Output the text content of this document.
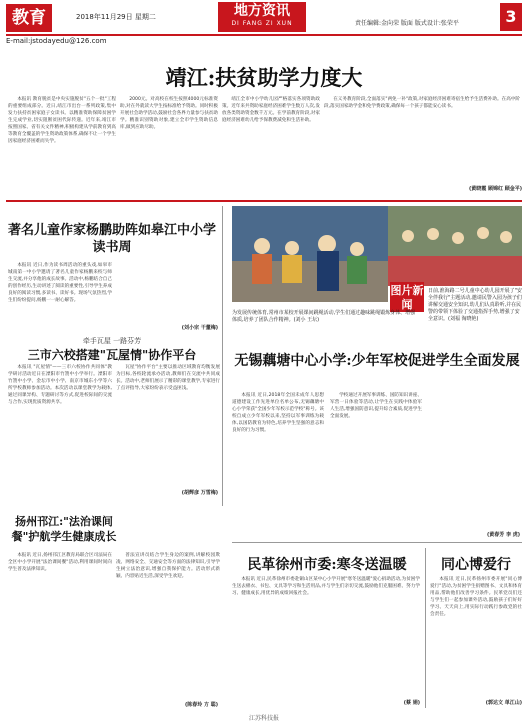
教育	2018年11月29日 星期二
E-mail:jstodayedu@126.com
地方资讯
DI FANG ZI XUN	责任编辑:金向荣 版面 版式设计:张荣平	3
靖江:扶贫助学力度大

本报讯 教育脱贫是中央实施脱贫"五个一批"工程的重要组成部分。近日,靖江市出台一系列政策,集中发力扶持贫困家庭子女读书。以精准资助保障贫困学生完成学业,切实阻断贫困代际传递。近年来,靖江市按照国家、省有关文件精神,积极构建从学前教育到高等教育全覆盖的学生资助政策体系,确保不让一个学生因家庭经济困难而失学。

2000元。对高校在校生按照4000元标准资助,对在外就读大学生按标准给予资助。同时积极开展社会助学活动,鼓励社会各界力量参与扶贫助学。精准识别资助对象,建立全市学生资助信息库,做到应助尽助。

靖江全市中小学幼儿园严格落实各项资助政策。近年来共资助家庭经济困难学生数万人次,发放各类资助资金数千万元。在学前教育阶段,对家庭经济困难幼儿给予保教费减免和生活补助。

在义务教育阶段,全面落实"两免一补"政策,对家庭经济困难寄宿生给予生活费补助。在高中阶段,落实国家助学金和免学费政策,确保每一个孩子都能安心读书。

(黄晓霞 顾锦红 顾金平)
著名儿童作家杨鹏助阵如皋江中小学读书周

本报讯 近日,作为读书周活动的重头戏,如皋市城南第一中小学邀请了著名儿童作家杨鹏来校与师生交流,并分享他的成长故事。活动中,杨鹏结合自己的创作经历,生动讲述了阅读的重要性,引导学生养成良好的阅读习惯,多读书、读好书。现场气氛热烈,学生们纷纷提问,杨鹏一一耐心解答。

(刘小宗 干董梅)
牵手瓦屋 一路芬芳
三市六校搭建"瓦屋情"协作平台

本报讯 "瓦屋情"——三市六校协作共同体"教学研讨活动近日在溧阳市竹箦中小学举行。溧阳市竹箦中小学、金坛市中小学、南京市城东小学等六所学校教师参加活动。本次活动以课堂教学为载体,通过同课异构、专题研讨等方式,促进校际间的交流与合作,实现优质资源共享。

瓦屋"协作平台"主要以推动区域教育均衡发展为目标,各校轮流承办活动,教师们在交流中共同成长。活动中,老师们展示了精彩的课堂教学,专家进行了点评指导,大家纷纷表示受益匪浅。

(胡辉彦 万雪梅)
扬州邗江:"法治课间餐"护航学生健康成长

本报讯 近日,扬州邗江区教育局联合区司法局在全区中小学开展"法治课间餐"活动,利用课间时间向学生普及法律知识。

普法宣讲员结合学生身边的案例,讲解校园欺凌、网络安全、交通安全等方面的法律知识,引导学生树立法治意识,增强自我保护能力。活动形式新颖、内容贴近生活,深受学生欢迎。

(陈春玲 方 聪)
图片新闻
日前,淮海路二号儿童中心幼儿园开展了"安全伴我行"主题活动,邀请民警入园为孩子们讲解交通安全知识,幼儿们认真聆听,并在民警的带领下体验了交通指挥手势,增强了安全意识。(刘福 淘晓艳)
为发展传统体育,常州市某校开展课间跳绳活动,学生们通过趣味跳绳锻炼身体、增强体质,培养了团队合作精神。(刘小 王坛)
无锡藕塘中心小学:少年军校促进学生全面发展

本报讯 近日,2018年全国未成年人思想道德建设工作先进单位名单公布,无锡藕塘中心小学荣获"全国少年军校示范学校"称号。该校自成立少年军校以来,坚持以军事训练为载体,以国防教育为特色,培养学生坚强的意志和良好的行为习惯。

学校通过开展军事训练、国防知识讲座、军营一日体验等活动,让学生在实践中体验军人生活,增强国防意识,提升综合素质,促进学生全面发展。

(黄春芳 李 虎)
民革徐州市委:寒冬送温暖

本报讯 近日,民革徐州市委赴铜山区某中心小学开展"寒冬送温暖"爱心捐助活动,为贫困学生送去棉衣、书包、文具等学习和生活用品,并与学生们亲切交流,鼓励他们克服困难、努力学习、健康成长,用优异的成绩回报社会。

(蔡 娟)
同心博爱行

本报讯 近日,民革扬州市委开展"同心博爱行"活动,为贫困学生捐赠图书、文具和体育用品,帮助他们改善学习条件。民革党员们还与学生们一起参加课外活动,鼓励孩子们好好学习、天天向上,用实际行动践行参政党的社会责任。

(郭达文 单江山)
江苏科技报
